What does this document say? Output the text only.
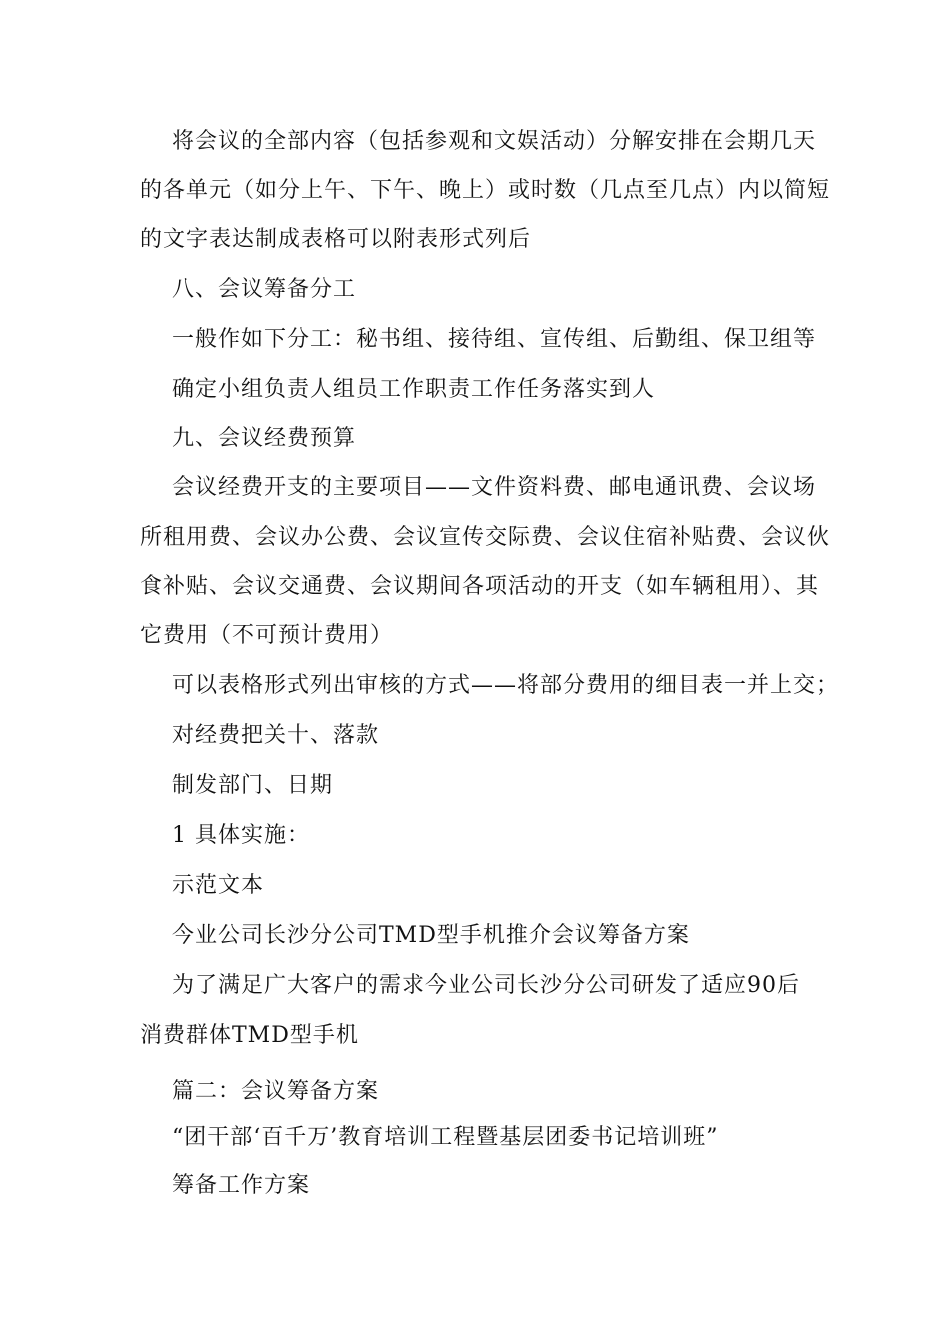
将会议的全部内容（包括参观和文娱活动）分解安排在会期几天
的各单元（如分上午、下午、晚上）或时数（几点至几点）内以简短
的文字表达制成表格可以附表形式列后
八、会议筹备分工
一般作如下分工：秘书组、接待组、宣传组、后勤组、保卫组等
确定小组负责人组员工作职责工作任务落实到人
九、会议经费预算
会议经费开支的主要项目——文件资料费、邮电通讯费、会议场
所租用费、会议办公费、会议宣传交际费、会议住宿补贴费、会议伙
食补贴、会议交通费、会议期间各项活动的开支（如车辆租用）、其
它费用（不可预计费用）
可以表格形式列出审核的方式——将部分费用的细目表一并上交；
对经费把关十、落款
制发部门、日期
1 具体实施：
示范文本
今业公司长沙分公司TMD型手机推介会议筹备方案
为了满足广大客户的需求今业公司长沙分公司研发了适应90后
消费群体TMD型手机
篇二：会议筹备方案
“团干部‘百千万’教育培训工程暨基层团委书记培训班”
筹备工作方案
